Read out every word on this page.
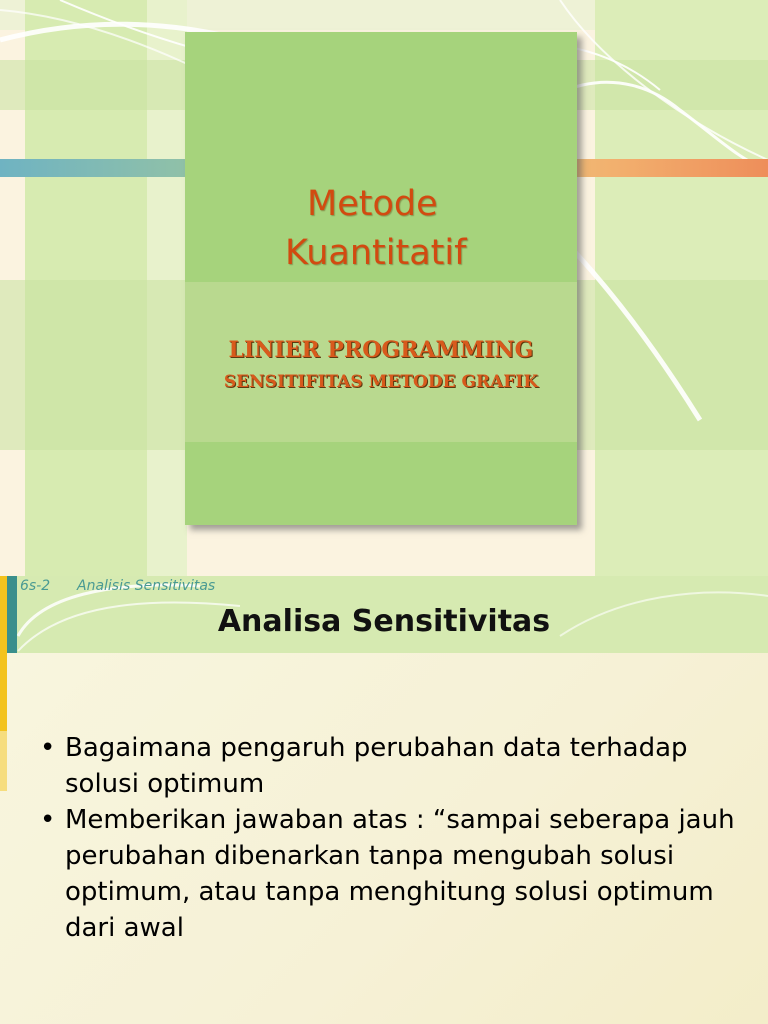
Metode
Kuantitatif
LINIER PROGRAMMING
SENSITIFITAS METODE GRAFIK
6s-2 Analisis Sensitivitas
Analisa Sensitivitas
• Bagaimana pengaruh perubahan data terhadap solusi optimum
• Memberikan jawaban atas : “sampai seberapa jauh perubahan dibenarkan tanpa mengubah solusi optimum, atau tanpa menghitung solusi optimum dari awal
